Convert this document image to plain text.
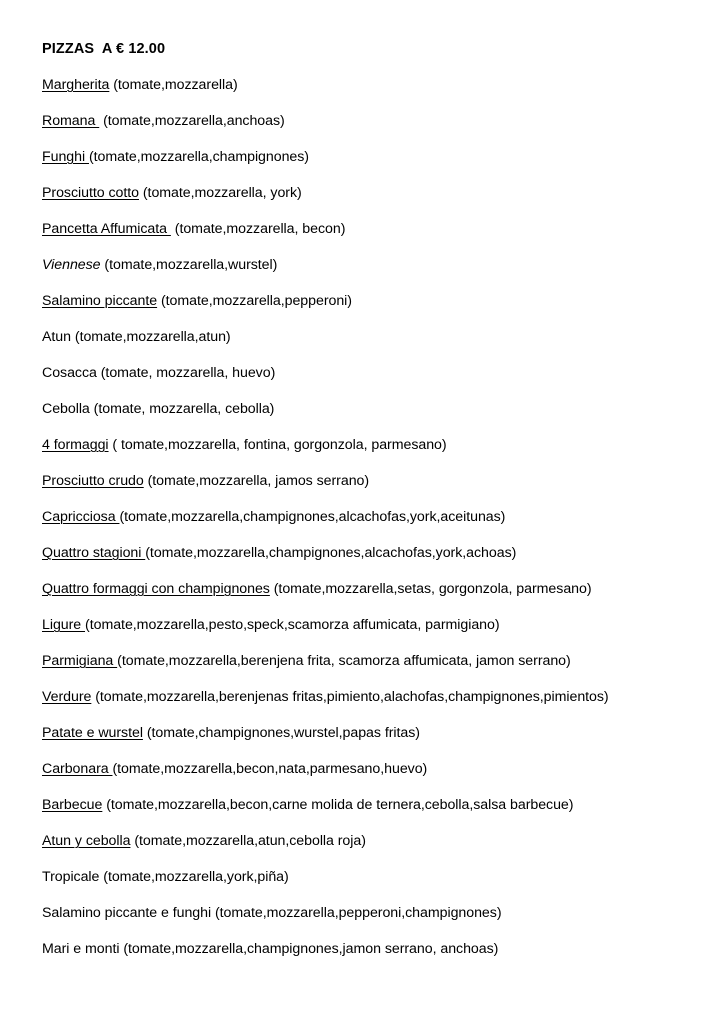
PIZZAS  A € 12.00
Margherita (tomate,mozzarella)
Romana  (tomate,mozzarella,anchoas)
Funghi (tomate,mozzarella,champignones)
Prosciutto cotto (tomate,mozzarella, york)
Pancetta Affumicata  (tomate,mozzarella, becon)
Viennese (tomate,mozzarella,wurstel)
Salamino piccante (tomate,mozzarella,pepperoni)
Atun (tomate,mozzarella,atun)
Cosacca (tomate, mozzarella, huevo)
Cebolla (tomate, mozzarella, cebolla)
4 formaggi ( tomate,mozzarella, fontina, gorgonzola, parmesano)
Prosciutto crudo (tomate,mozzarella, jamos serrano)
Capricciosa (tomate,mozzarella,champignones,alcachofas,york,aceitunas)
Quattro stagioni (tomate,mozzarella,champignones,alcachofas,york,achoas)
Quattro formaggi con champignones (tomate,mozzarella,setas, gorgonzola, parmesano)
Ligure (tomate,mozzarella,pesto,speck,scamorza affumicata, parmigiano)
Parmigiana (tomate,mozzarella,berenjena frita, scamorza affumicata, jamon serrano)
Verdure (tomate,mozzarella,berenjenas fritas,pimiento,alachofas,champignones,pimientos)
Patate e wurstel (tomate,champignones,wurstel,papas fritas)
Carbonara (tomate,mozzarella,becon,nata,parmesano,huevo)
Barbecue (tomate,mozzarella,becon,carne molida de ternera,cebolla,salsa barbecue)
Atun y cebolla (tomate,mozzarella,atun,cebolla roja)
Tropicale (tomate,mozzarella,york,piña)
Salamino piccante e funghi (tomate,mozzarella,pepperoni,champignones)
Mari e monti (tomate,mozzarella,champignones,jamon serrano, anchoas)
